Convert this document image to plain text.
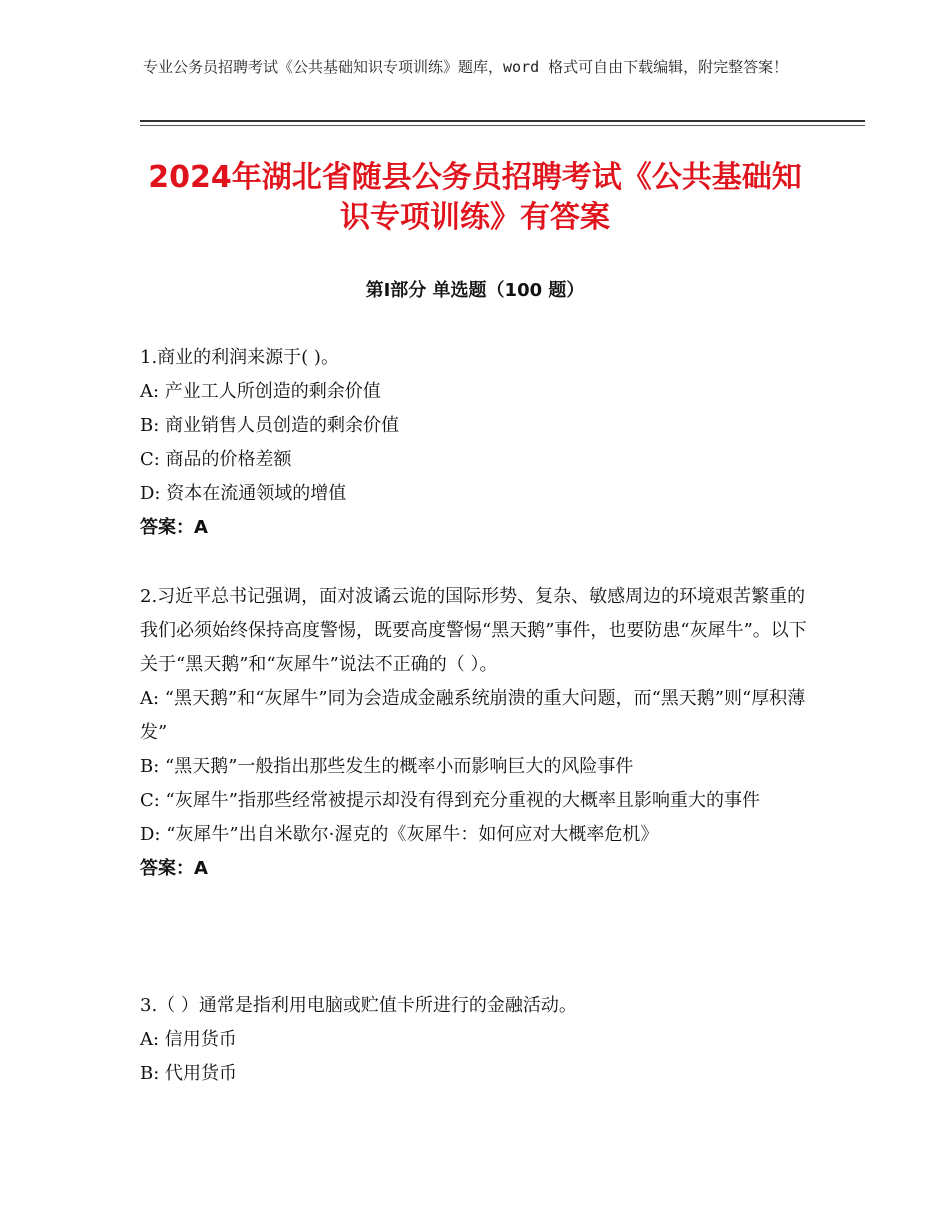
专业公务员招聘考试《公共基础知识专项训练》题库，word 格式可自由下载编辑，附完整答案！
2024年湖北省随县公务员招聘考试《公共基础知识专项训练》有答案
第Ⅰ部分 单选题（100 题）
1.商业的利润来源于( )。
A: 产业工人所创造的剩余价值
B: 商业销售人员创造的剩余价值
C: 商品的价格差额
D: 资本在流通领域的增值
答案：A
2.习近平总书记强调，面对波谲云诡的国际形势、复杂、敏感周边的环境艰苦繁重的我们必须始终保持高度警惕，既要高度警惕“黑天鹅”事件，也要防患“灰犀牛”。以下关于“黑天鹅”和“灰犀牛”说法不正确的（ ）。
A: “黑天鹅”和“灰犀牛”同为会造成金融系统崩溃的重大问题，而“黑天鹅”则“厚积薄发”
B: “黑天鹅”一般指出那些发生的概率小而影响巨大的风险事件
C: “灰犀牛”指那些经常被提示却没有得到充分重视的大概率且影响重大的事件
D: “灰犀牛”出自米歇尔·渥克的《灰犀牛：如何应对大概率危机》
答案：A
3.（ ）通常是指利用电脑或贮值卡所进行的金融活动。
A: 信用货币
B: 代用货币
